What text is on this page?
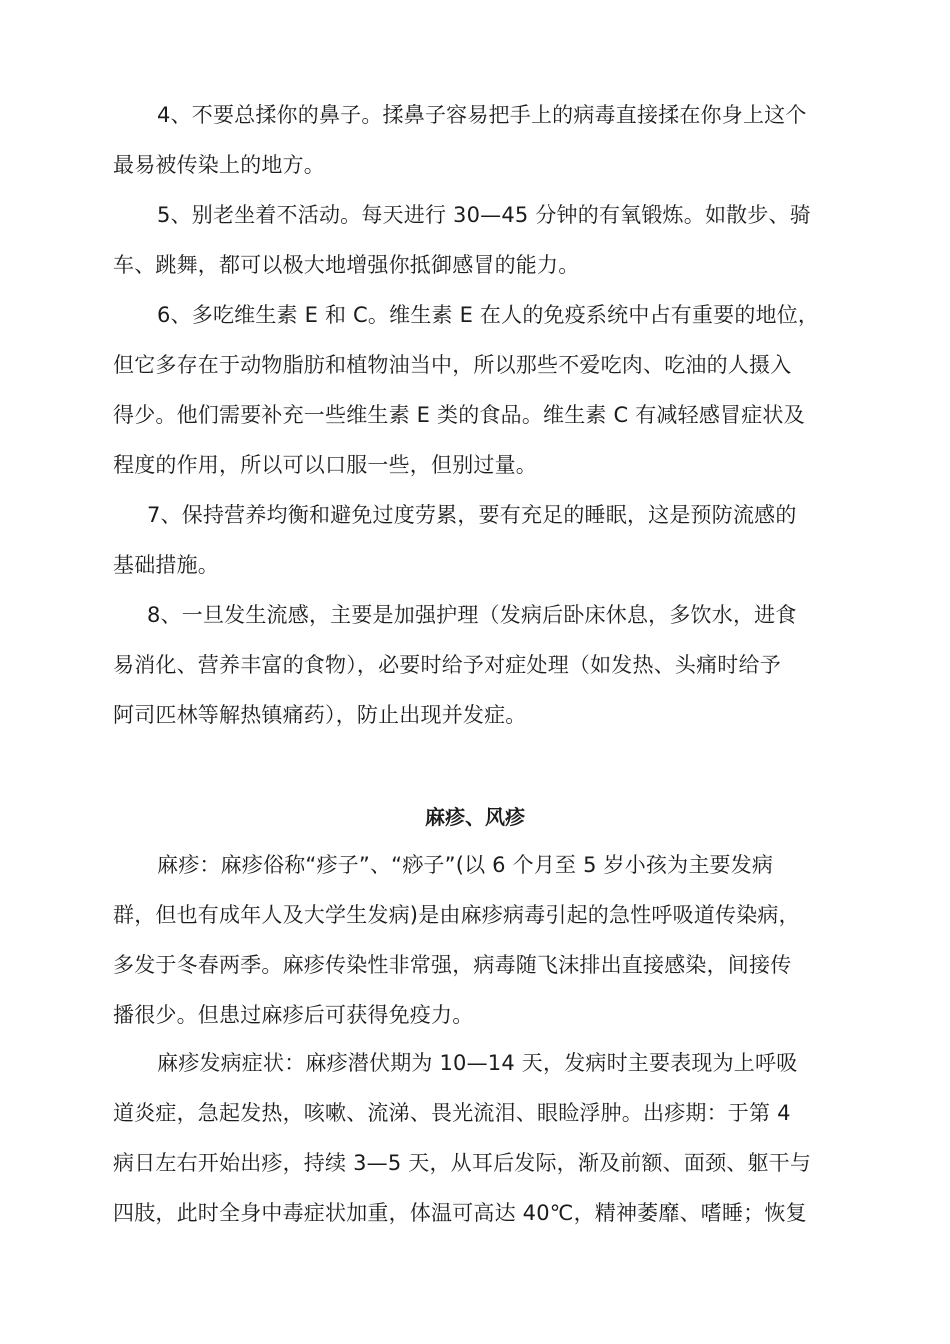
4、不要总揉你的鼻子。揉鼻子容易把手上的病毒直接揉在你身上这个
最易被传染上的地方。
5、别老坐着不活动。每天进行 30—45 分钟的有氧锻炼。如散步、骑
车、跳舞，都可以极大地增强你抵御感冒的能力。
6、多吃维生素 E 和 C。维生素 E 在人的免疫系统中占有重要的地位，
但它多存在于动物脂肪和植物油当中，所以那些不爱吃肉、吃油的人摄入
得少。他们需要补充一些维生素 E 类的食品。维生素 C 有减轻感冒症状及
程度的作用，所以可以口服一些，但别过量。
7、保持营养均衡和避免过度劳累，要有充足的睡眠，这是预防流感的
基础措施。
8、一旦发生流感，主要是加强护理（发病后卧床休息，多饮水，进食
易消化、营养丰富的食物），必要时给予对症处理（如发热、头痛时给予
阿司匹林等解热镇痛药），防止出现并发症。
麻疹、风疹
麻疹：麻疹俗称“疹子”、“痧子”(以 6 个月至 5 岁小孩为主要发病
群，但也有成年人及大学生发病)是由麻疹病毒引起的急性呼吸道传染病，
多发于冬春两季。麻疹传染性非常强，病毒随飞沫排出直接感染，间接传
播很少。但患过麻疹后可获得免疫力。
麻疹发病症状：麻疹潜伏期为 10—14 天，发病时主要表现为上呼吸
道炎症，急起发热，咳嗽、流涕、畏光流泪、眼睑浮肿。出疹期：于第 4
病日左右开始出疹，持续 3—5 天，从耳后发际，渐及前额、面颈、躯干与
四肢，此时全身中毒症状加重，体温可高达 40℃，精神萎靡、嗜睡；恢复
